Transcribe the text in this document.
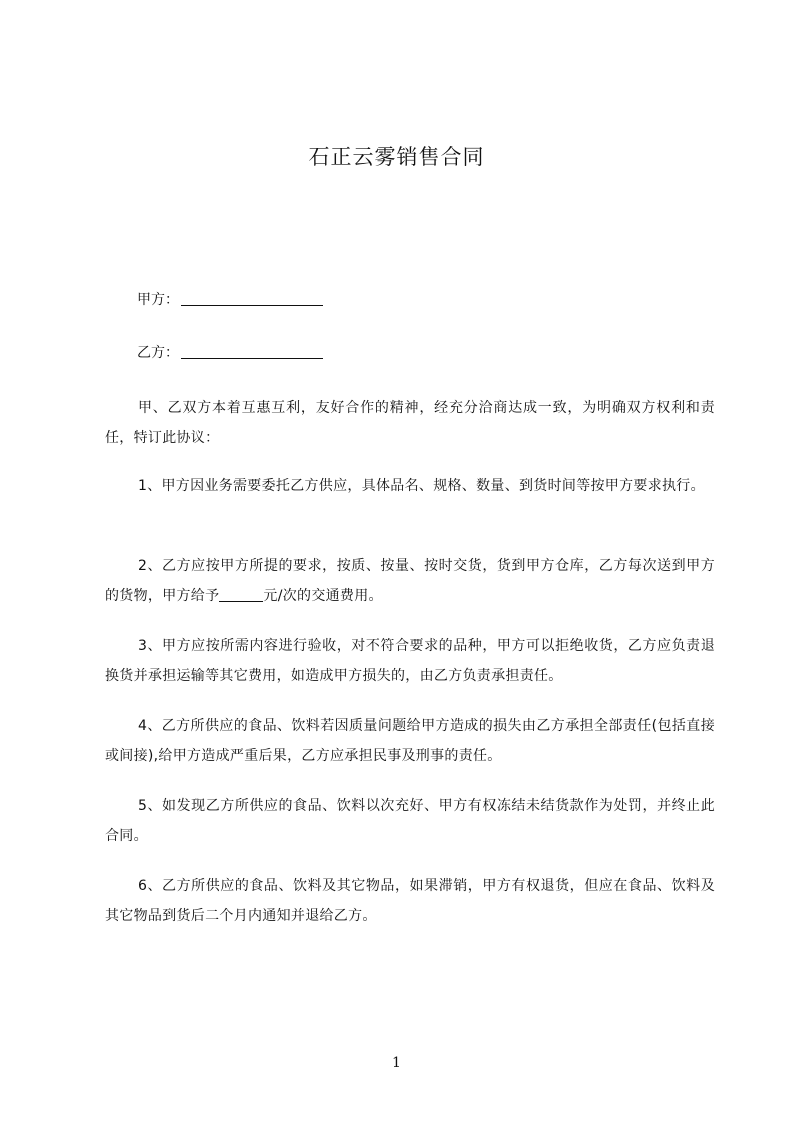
石正云雾销售合同
甲方：
乙方：

甲、乙双方本着互惠互利，友好合作的精神，经充分洽商达成一致，为明确双方权利和责任，特订此协议：

1、甲方因业务需要委托乙方供应，具体品名、规格、数量、到货时间等按甲方要求执行。

2、乙方应按甲方所提的要求，按质、按量、按时交货，货到甲方仓库，乙方每次送到甲方的货物，甲方给予	元/次的交通费用。

3、甲方应按所需内容进行验收，对不符合要求的品种，甲方可以拒绝收货，乙方应负责退换货并承担运输等其它费用，如造成甲方损失的，由乙方负责承担责任。

4、乙方所供应的食品、饮料若因质量问题给甲方造成的损失由乙方承担全部责任(包括直接或间接),给甲方造成严重后果，乙方应承担民事及刑事的责任。

5、如发现乙方所供应的食品、饮料以次充好、甲方有权冻结未结货款作为处罚，并终止此合同。

6、乙方所供应的食品、饮料及其它物品，如果滞销，甲方有权退货，但应在食品、饮料及其它物品到货后二个月内通知并退给乙方。

1
